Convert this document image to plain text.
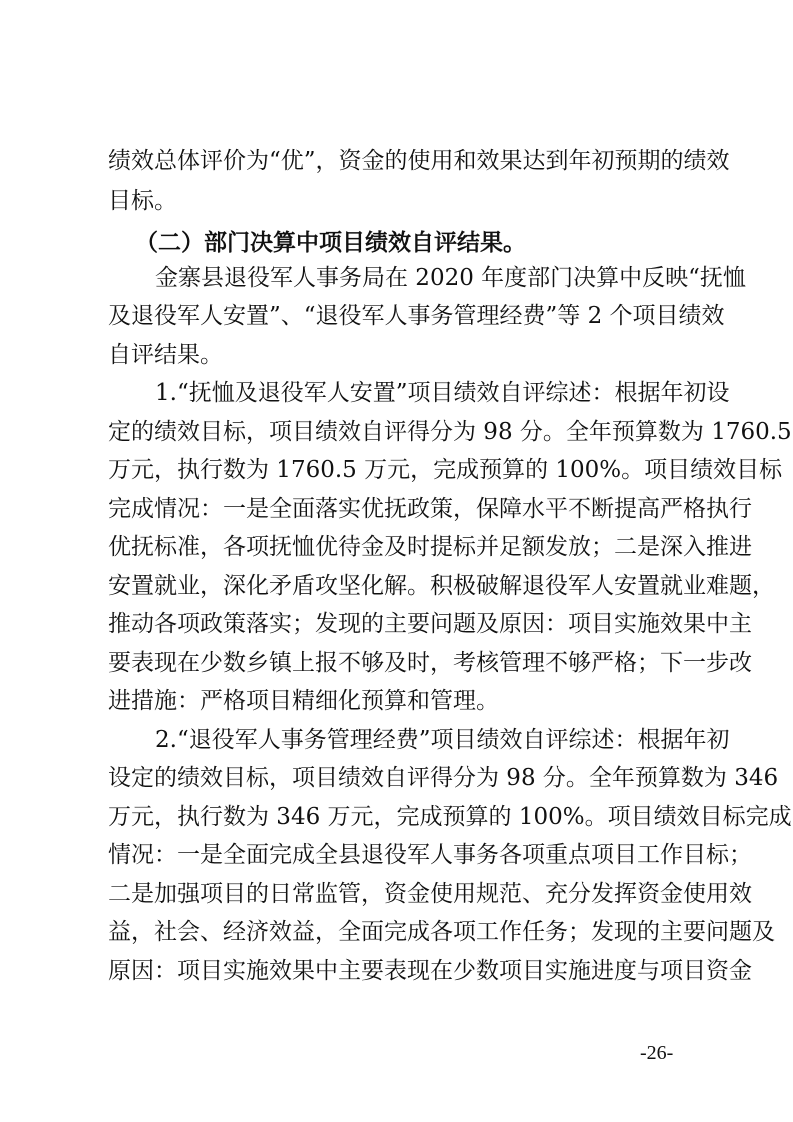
绩效总体评价为“优”，资金的使用和效果达到年初预期的绩效
目标。
（二）部门决算中项目绩效自评结果。
金寨县退役军人事务局在 2020 年度部门决算中反映“抚恤
及退役军人安置”、“退役军人事务管理经费”等 2 个项目绩效
自评结果。
1.“抚恤及退役军人安置”项目绩效自评综述：根据年初设
定的绩效目标，项目绩效自评得分为 98 分。全年预算数为 1760.5
万元，执行数为 1760.5 万元，完成预算的 100%。项目绩效目标
完成情况：一是全面落实优抚政策，保障水平不断提高严格执行
优抚标准，各项抚恤优待金及时提标并足额发放；二是深入推进
安置就业，深化矛盾攻坚化解。积极破解退役军人安置就业难题，
推动各项政策落实；发现的主要问题及原因：项目实施效果中主
要表现在少数乡镇上报不够及时，考核管理不够严格；下一步改
进措施：严格项目精细化预算和管理。
2.“退役军人事务管理经费”项目绩效自评综述：根据年初
设定的绩效目标，项目绩效自评得分为 98 分。全年预算数为 346
万元，执行数为 346 万元，完成预算的 100%。项目绩效目标完成
情况：一是全面完成全县退役军人事务各项重点项目工作目标；
二是加强项目的日常监管，资金使用规范、充分发挥资金使用效
益，社会、经济效益，全面完成各项工作任务；发现的主要问题及
原因：项目实施效果中主要表现在少数项目实施进度与项目资金
-26-
